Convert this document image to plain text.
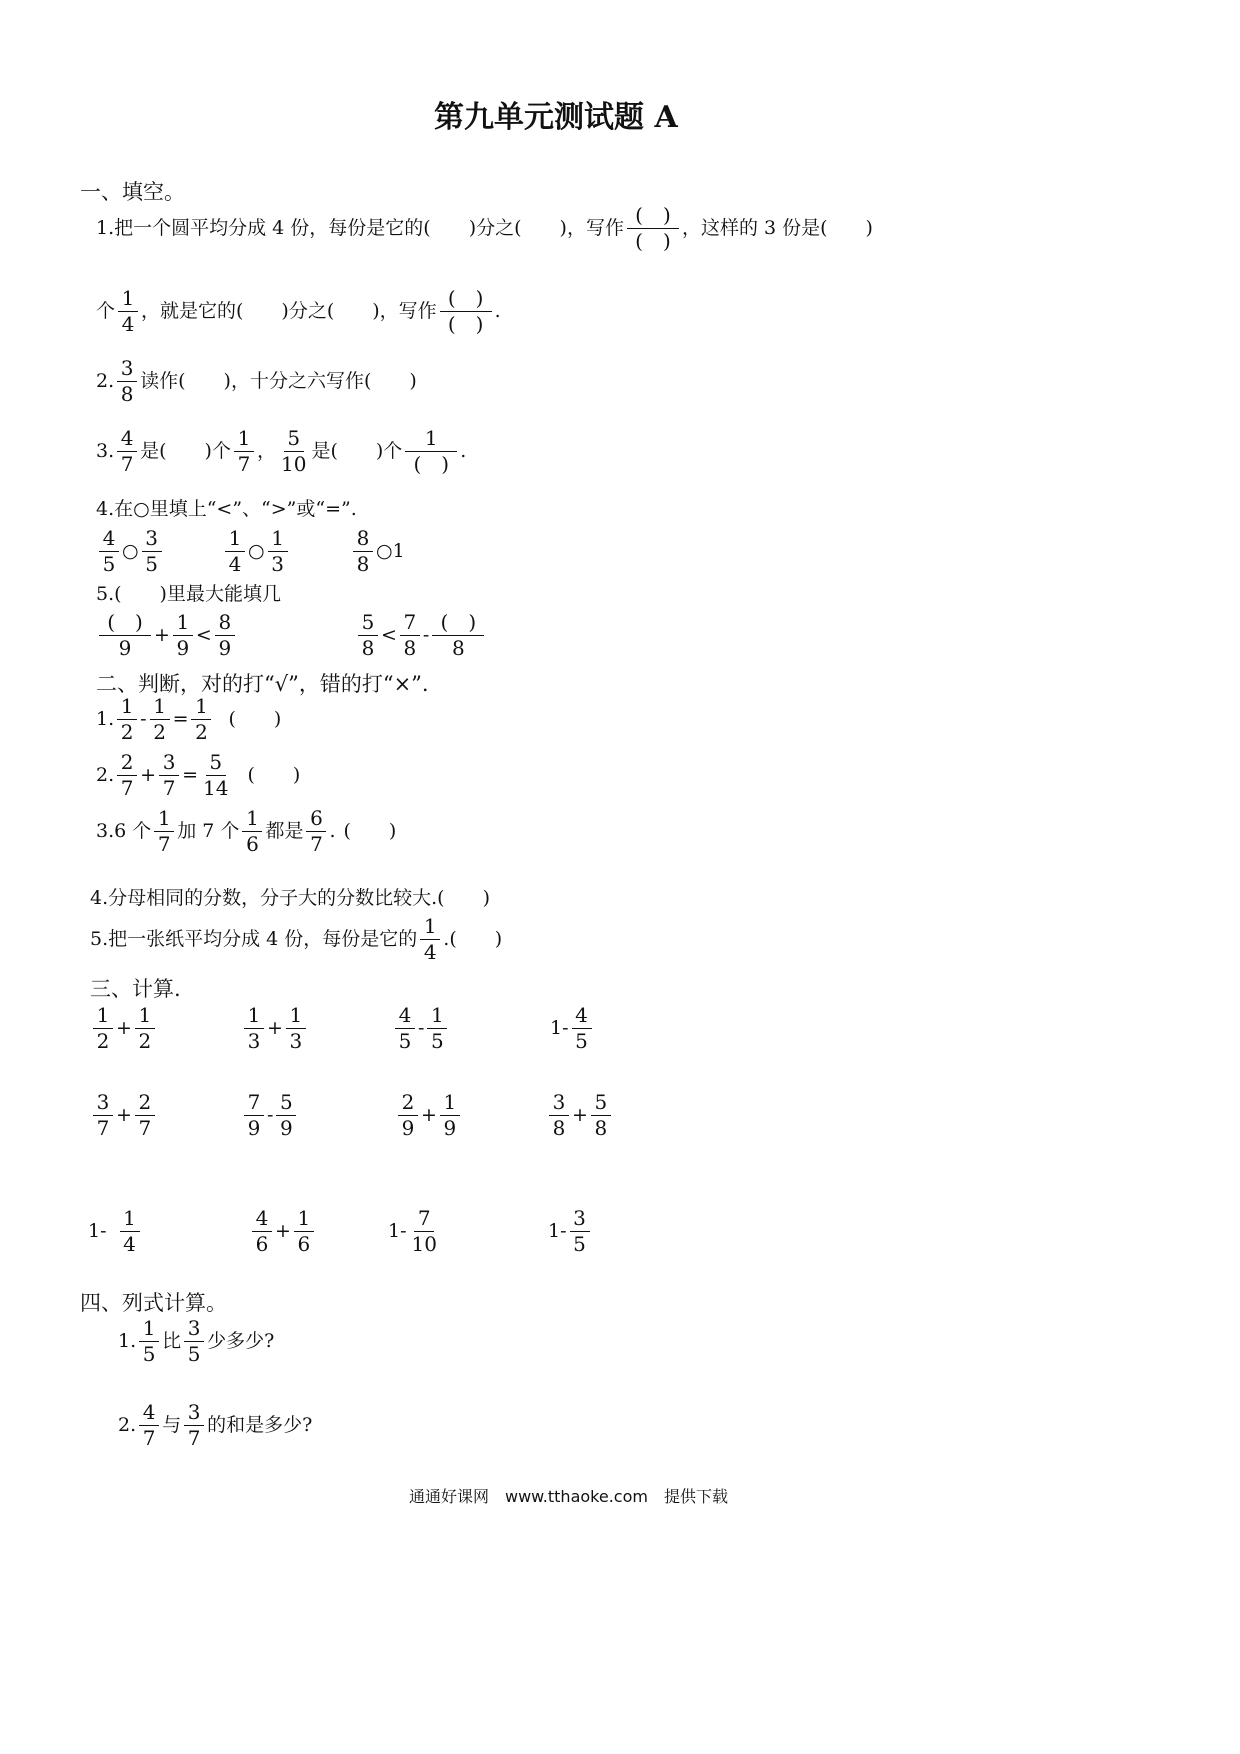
第九单元测试题 A
一、填空。
1.把一个圆平均分成 4 份，每份是它的(　　)分之(　　)，写作 $\frac{( )}{( )}$ ，这样的 3 份是(　　)
个 $\frac{1}{4}$ ，就是它的(　　)分之(　　)，写作 $\frac{( )}{( )}$ .
2. $\frac{3}{8}$ 读作(　　)，十分之六写作(　　)
3. $\frac{4}{7}$ 是(　　)个 $\frac{1}{7}$ ， $\frac{5}{10}$ 是(　　)个 $\frac{1}{( )}$ .
4.在○里填上“<”、“>”或“=”.
$\frac{4}{5}$ ○ $\frac{3}{5}$	$\frac{1}{4}$ ○ $\frac{1}{3}$	$\frac{8}{8}$ ○ 1
5.(　　)里最大能填几
$\frac{( )}{9} + \frac{1}{9} < \frac{8}{9}$	$\frac{5}{8} < \frac{7}{8} - \frac{( )}{8}$
二、判断，对的打“√”，错的打“×”.
1. $\frac{1}{2} - \frac{1}{2} = \frac{1}{2}$ (　　)
2. $\frac{2}{7} + \frac{3}{7} = \frac{5}{14}$ (　　)
3.6 个 $\frac{1}{7}$ 加 7 个 $\frac{1}{6}$ 都是 $\frac{6}{7}$ . (　　)
4.分母相同的分数，分子大的分数比较大.(　　)
5.把一张纸平均分成 4 份，每份是它的 $\frac{1}{4}$ .(　　)
三、计算.
$\frac{1}{2} + \frac{1}{2}$	$\frac{1}{3} + \frac{1}{3}$	$\frac{4}{5} - \frac{1}{5}$	$1- \frac{4}{5}$
$\frac{3}{7} + \frac{2}{7}$	$\frac{7}{9} - \frac{5}{9}$	$\frac{2}{9} + \frac{1}{9}$	$\frac{3}{8} + \frac{5}{8}$
$1- \frac{1}{4}$	$\frac{4}{6} + \frac{1}{6}$	$1- \frac{7}{10}$	$1- \frac{3}{5}$
四、列式计算。
1. $\frac{1}{5}$ 比 $\frac{3}{5}$ 少多少?
2. $\frac{4}{7}$ 与 $\frac{3}{7}$ 的和是多少?
通通好课网　www.tthaoke.com　提供下载
